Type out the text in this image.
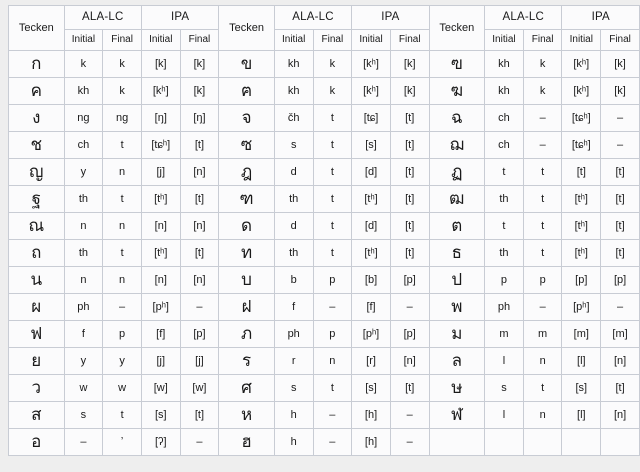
Tecken	ALA-LC		IPA		Tecken	ALA-LC		IPA		Tecken	ALA-LC		IPA	
	Initial	Final	Initial	Final		Initial	Final	Initial	Final		Initial	Final	Initial	Final
ก	k	k	[k]	[k]	ข	kh	k	[kʰ]	[k]	ฃ	kh	k	[kʰ]	[k]
ค	kh	k	[kʰ]	[k]	ฅ	kh	k	[kʰ]	[k]	ฆ	kh	k	[kʰ]	[k]
ง	ng	ng	[ŋ]	[ŋ]	จ	čh	t	[tɕ]	[t]	ฉ	ch	–	[tɕʰ]	–
ช	ch	t	[tɕʰ]	[t]	ซ	s	t	[s]	[t]	ฌ	ch	–	[tɕʰ]	–
ญ	y	n	[j]	[n]	ฎ	d	t	[d]	[t]	ฏ	t	t	[t]	[t]
ฐ	th	t	[tʰ]	[t]	ฑ	th	t	[tʰ]	[t]	ฒ	th	t	[tʰ]	[t]
ณ	n	n	[n]	[n]	ด	d	t	[d]	[t]	ต	t	t	[tʰ]	[t]
ถ	th	t	[tʰ]	[t]	ท	th	t	[tʰ]	[t]	ธ	th	t	[tʰ]	[t]
น	n	n	[n]	[n]	บ	b	p	[b]	[p]	ป	p	p	[p]	[p]
ผ	ph	–	[pʰ]	–	ฝ	f	–	[f]	–	พ	ph	–	[pʰ]	–
ฟ	f	p	[f]	[p]	ภ	ph	p	[pʰ]	[p]	ม	m	m	[m]	[m]
ย	y	y	[j]	[j]	ร	r	n	[r]	[n]	ล	l	n	[l]	[n]
ว	w	w	[w]	[w]	ศ	s	t	[s]	[t]	ษ	s	t	[s]	[t]
ส	s	t	[s]	[t]	ห	h	–	[h]	–	ฬ	l	n	[l]	[n]
อ	–	ʼ	[ʔ]	–	ฮ	h	–	[h]	–					
